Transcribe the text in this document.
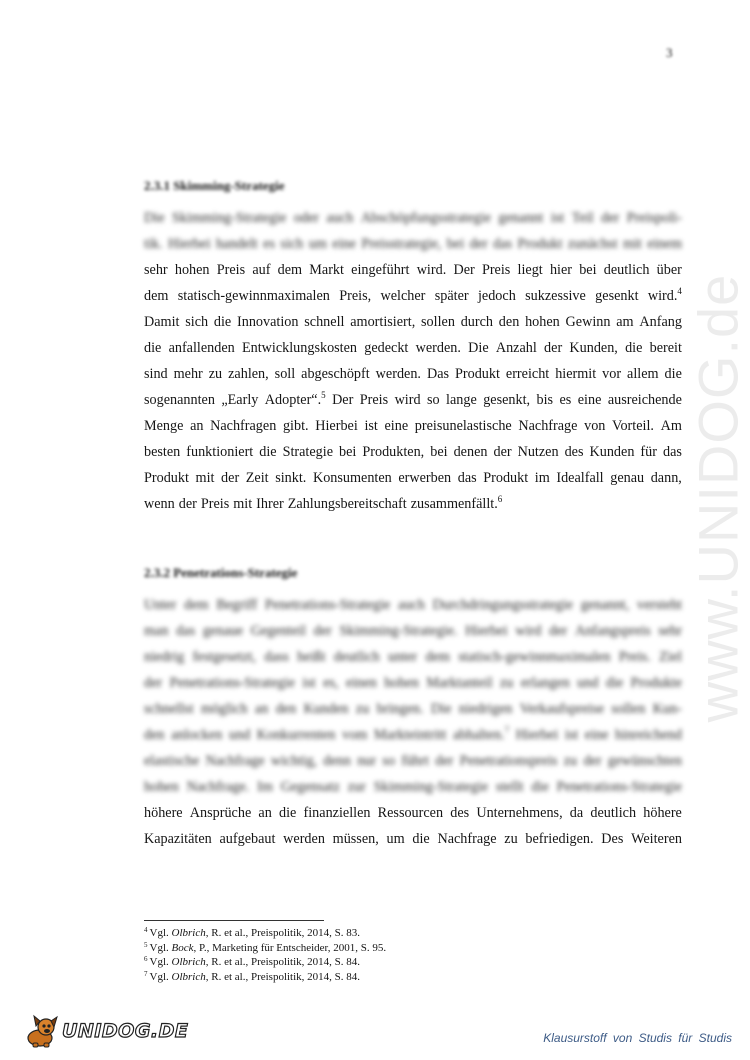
3
2.3.1 Skimming-Strategie
Die Skimming-Strategie oder auch Abschöpfungsstrategie genannt ist Teil der Preispoli-
tik. Hierbei handelt es sich um eine Preisstrategie, bei der das Produkt zunächst mit einem
sehr hohen Preis auf dem Markt eingeführt wird. Der Preis liegt hier bei deutlich über
dem statisch-gewinnmaximalen Preis, welcher später jedoch sukzessive gesenkt wird.$^4$
Damit sich die Innovation schnell amortisiert, sollen durch den hohen Gewinn am Anfang
die anfallenden Entwicklungskosten gedeckt werden. Die Anzahl der Kunden, die bereit
sind mehr zu zahlen, soll abgeschöpft werden. Das Produkt erreicht hiermit vor allem die
sogenannten „Early Adopter“.$^5$ Der Preis wird so lange gesenkt, bis es eine ausreichende
Menge an Nachfragen gibt. Hierbei ist eine preisunelastische Nachfrage von Vorteil. Am
besten funktioniert die Strategie bei Produkten, bei denen der Nutzen des Kunden für das
Produkt mit der Zeit sinkt. Konsumenten erwerben das Produkt im Idealfall genau dann,
wenn der Preis mit Ihrer Zahlungsbereitschaft zusammenfällt.$^6$
2.3.2 Penetrations-Strategie
Unter dem Begriff Penetrations-Strategie auch Durchdringungsstrategie genannt, versteht
man das genaue Gegenteil der Skimming-Strategie. Hierbei wird der Anfangspreis sehr
niedrig festgesetzt, dass heißt deutlich unter dem statisch-gewinnmaximalen Preis. Ziel
der Penetrations-Strategie ist es, einen hohen Marktanteil zu erlangen und die Produkte
schnellst möglich an den Kunden zu bringen. Die niedrigen Verkaufspreise sollen Kun-
den anlocken und Konkurrenten vom Markteintritt abhalten.$^7$ Hierbei ist eine hinreichend
elastische Nachfrage wichtig, denn nur so führt der Penetrationspreis zu der gewünschten
hohen Nachfrage. Im Gegensatz zur Skimming-Strategie stellt die Penetrations-Strategie
höhere Ansprüche an die finanziellen Ressourcen des Unternehmens, da deutlich höhere
Kapazitäten aufgebaut werden müssen, um die Nachfrage zu befriedigen. Des Weiteren
$^4$ Vgl. Olbrich, R. et al., Preispolitik, 2014, S. 83.
$^5$ Vgl. Bock, P., Marketing für Entscheider, 2001, S. 95.
$^6$ Vgl. Olbrich, R. et al., Preispolitik, 2014, S. 84.
$^7$ Vgl. Olbrich, R. et al., Preispolitik, 2014, S. 84.
www.UNIDOG.de
UNIDOG.DE	Klausurstoff von Studis für Studis
